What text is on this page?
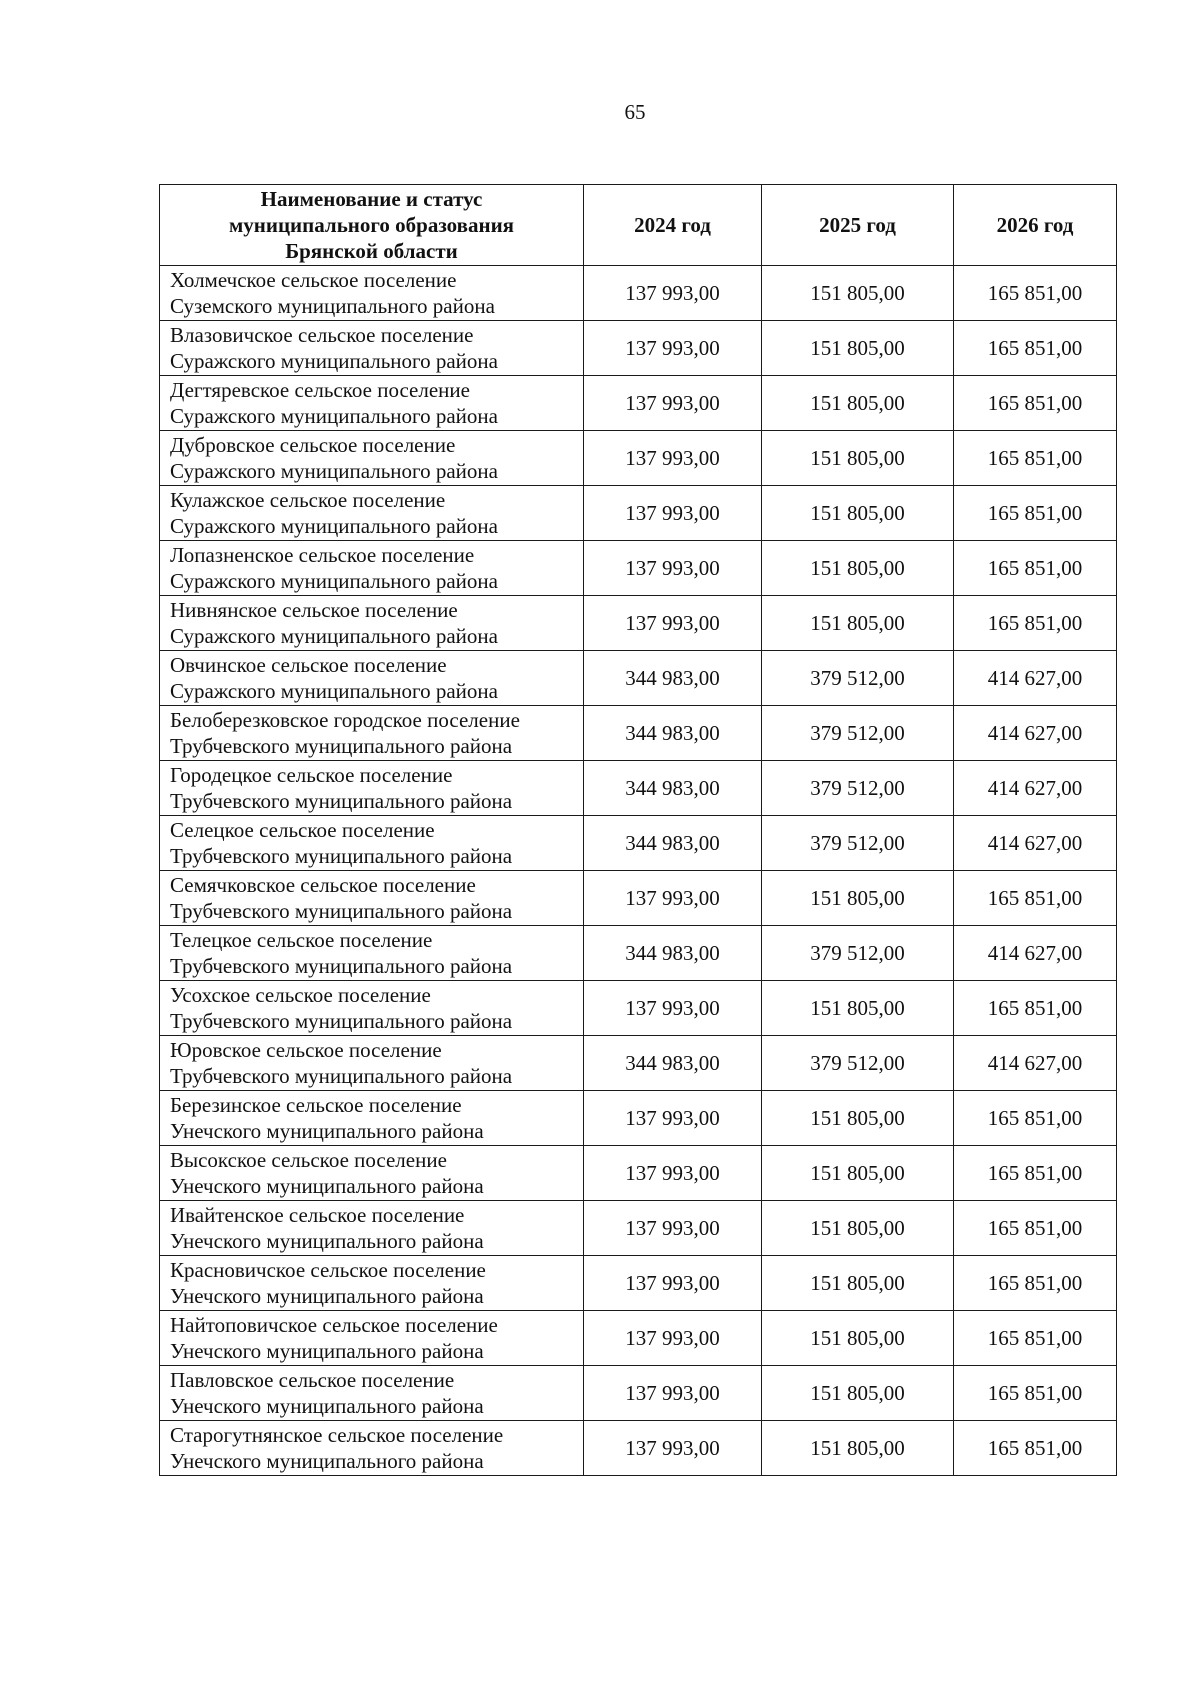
65
Наименование и статус
муниципального образования
Брянской области	2024 год	2025 год	2026 год

Холмечское сельское поселение
Суземского муниципального района	137 993,00	151 805,00	165 851,00

Влазовичское сельское поселение
Суражского муниципального района	137 993,00	151 805,00	165 851,00

Дегтяревское сельское поселение
Суражского муниципального района	137 993,00	151 805,00	165 851,00

Дубровское сельское поселение
Суражского муниципального района	137 993,00	151 805,00	165 851,00

Кулажское сельское поселение
Суражского муниципального района	137 993,00	151 805,00	165 851,00

Лопазненское сельское поселение
Суражского муниципального района	137 993,00	151 805,00	165 851,00

Нивнянское сельское поселение
Суражского муниципального района	137 993,00	151 805,00	165 851,00

Овчинское сельское поселение
Суражского муниципального района	344 983,00	379 512,00	414 627,00

Белоберезковское городское поселение
Трубчевского муниципального района	344 983,00	379 512,00	414 627,00

Городецкое сельское поселение
Трубчевского муниципального района	344 983,00	379 512,00	414 627,00

Селецкое сельское поселение
Трубчевского муниципального района	344 983,00	379 512,00	414 627,00

Семячковское сельское поселение
Трубчевского муниципального района	137 993,00	151 805,00	165 851,00

Телецкое сельское поселение
Трубчевского муниципального района	344 983,00	379 512,00	414 627,00

Усохское сельское поселение
Трубчевского муниципального района	137 993,00	151 805,00	165 851,00

Юровское сельское поселение
Трубчевского муниципального района	344 983,00	379 512,00	414 627,00

Березинское сельское поселение
Унечского муниципального района	137 993,00	151 805,00	165 851,00

Высокское сельское поселение
Унечского муниципального района	137 993,00	151 805,00	165 851,00

Ивайтенское сельское поселение
Унечского муниципального района	137 993,00	151 805,00	165 851,00

Красновичское сельское поселение
Унечского муниципального района	137 993,00	151 805,00	165 851,00

Найтоповичское сельское поселение
Унечского муниципального района	137 993,00	151 805,00	165 851,00

Павловское сельское поселение
Унечского муниципального района	137 993,00	151 805,00	165 851,00

Старогутнянское сельское поселение
Унечского муниципального района	137 993,00	151 805,00	165 851,00
